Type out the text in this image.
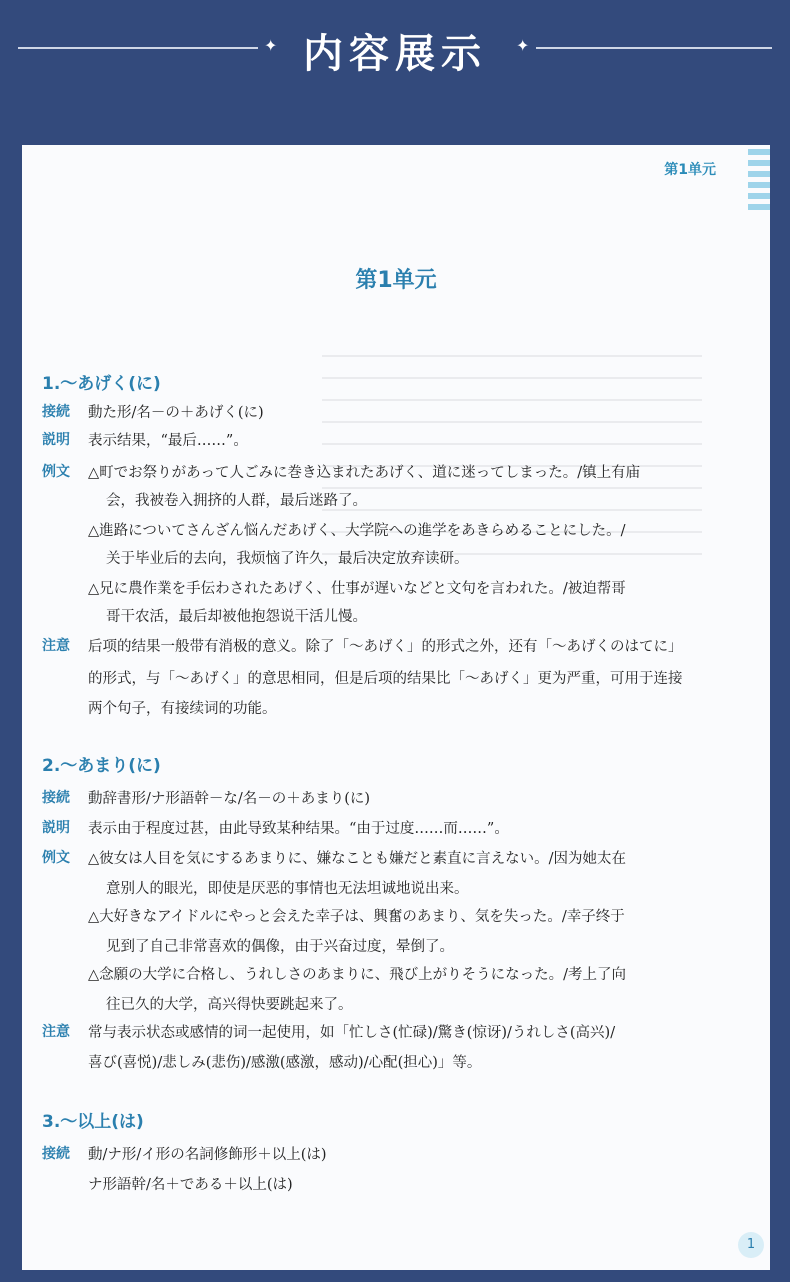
✦ 内容展示	✦
第1单元
第1单元
1.～あげく(に)
接続 動た形/名－の＋あげく(に)
説明 表示结果，“最后……”。
例文 △町でお祭りがあって人ごみに巻き込まれたあげく、道に迷ってしまった。/镇上有庙
会，我被卷入拥挤的人群，最后迷路了。
△進路についてさんざん悩んだあげく、大学院への進学をあきらめることにした。/
关于毕业后的去向，我烦恼了许久，最后决定放弃读研。
△兄に農作業を手伝わされたあげく、仕事が遅いなどと文句を言われた。/被迫帮哥
哥干农活，最后却被他抱怨说干活儿慢。
注意 后项的结果一般带有消极的意义。除了「～あげく」的形式之外，还有「～あげくのはてに」
的形式，与「～あげく」的意思相同，但是后项的结果比「～あげく」更为严重，可用于连接
两个句子，有接续词的功能。
2.～あまり(に)
接続 動辞書形/ナ形語幹－な/名－の＋あまり(に)
説明 表示由于程度过甚，由此导致某种结果。“由于过度……而……”。
例文 △彼女は人目を気にするあまりに、嫌なことも嫌だと素直に言えない。/因为她太在
意别人的眼光，即使是厌恶的事情也无法坦诚地说出来。
△大好きなアイドルにやっと会えた幸子は、興奮のあまり、気を失った。/幸子终于
见到了自己非常喜欢的偶像，由于兴奋过度，晕倒了。
△念願の大学に合格し、うれしさのあまりに、飛び上がりそうになった。/考上了向
往已久的大学，高兴得快要跳起来了。
注意 常与表示状态或感情的词一起使用，如「忙しさ(忙碌)/驚き(惊讶)/うれしさ(高兴)/
喜び(喜悦)/悲しみ(悲伤)/感激(感激，感动)/心配(担心)」等。
3.～以上(は)
接続 動/ナ形/イ形の名詞修飾形＋以上(は)
ナ形語幹/名＋である＋以上(は)
1
